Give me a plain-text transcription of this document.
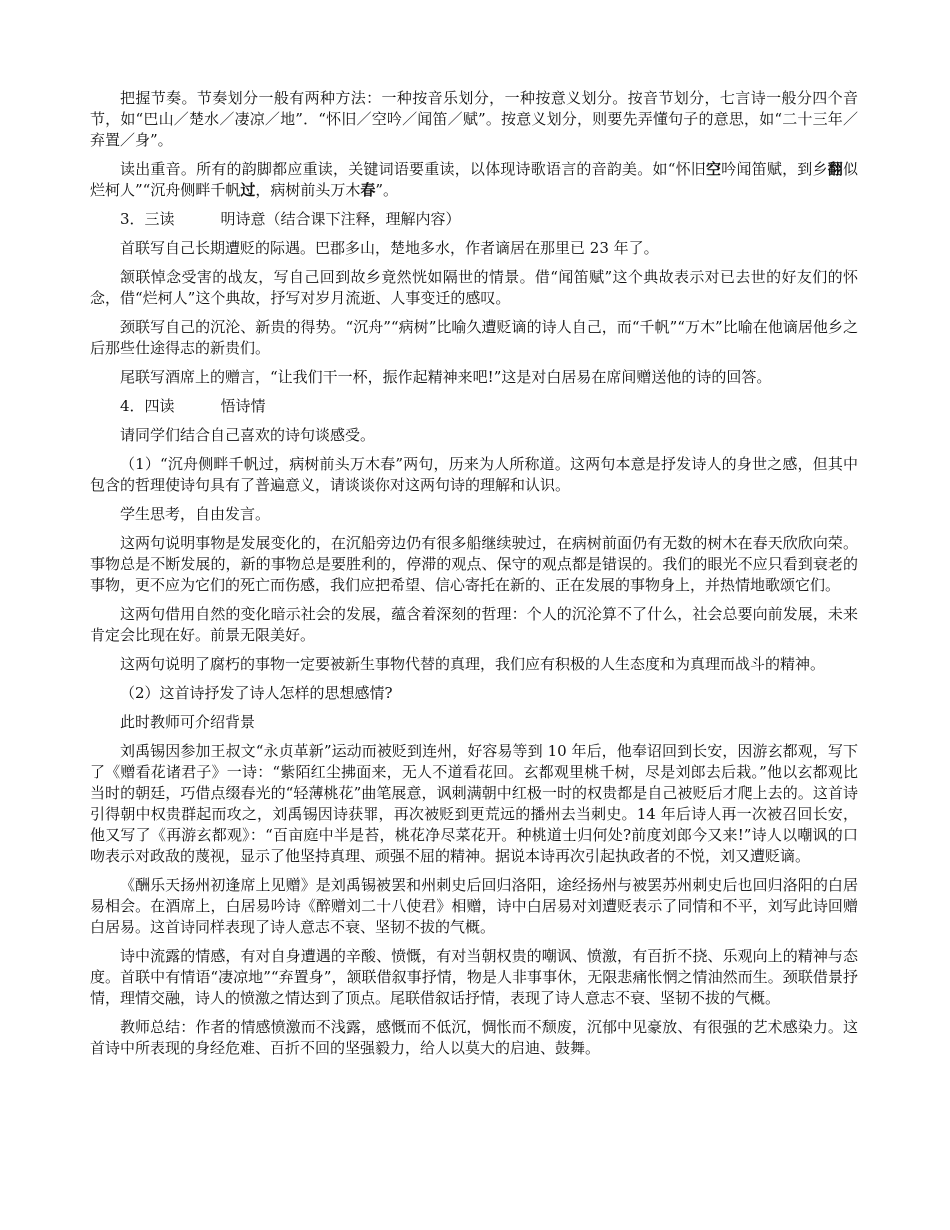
把握节奏。节奏划分一般有两种方法：一种按音乐划分，一种按意义划分。按音节划分，七言诗一般分四个音节，如“巴山／楚水／凄凉／地”．“怀旧／空吟／闻笛／赋”。按意义划分，则要先弄懂句子的意思，如“二十三年／弃置／身”。

读出重音。所有的韵脚都应重读，关键词语要重读，以体现诗歌语言的音韵美。如“怀旧空吟闻笛赋，到乡翻似烂柯人”“沉舟侧畔千帆过，病树前头万木春”。

3．三读	明诗意（结合课下注释，理解内容）

首联写自己长期遭贬的际遇。巴郡多山，楚地多水，作者谪居在那里已 23 年了。

颔联悼念受害的战友，写自己回到故乡竟然恍如隔世的情景。借“闻笛赋”这个典故表示对已去世的好友们的怀念，借“烂柯人”这个典故，抒写对岁月流逝、人事变迁的感叹。

颈联写自己的沉沦、新贵的得势。“沉舟”“病树”比喻久遭贬谪的诗人自己，而“千帆”“万木”比喻在他谪居他乡之后那些仕途得志的新贵们。

尾联写酒席上的赠言，“让我们干一杯，振作起精神来吧!”这是对白居易在席间赠送他的诗的回答。

4．四读	悟诗情

请同学们结合自己喜欢的诗句谈感受。

（1）“沉舟侧畔千帆过，病树前头万木春”两句，历来为人所称道。这两句本意是抒发诗人的身世之感，但其中包含的哲理使诗句具有了普遍意义，请谈谈你对这两句诗的理解和认识。

学生思考，自由发言。

这两句说明事物是发展变化的，在沉船旁边仍有很多船继续驶过，在病树前面仍有无数的树木在春天欣欣向荣。事物总是不断发展的，新的事物总是要胜利的，停滞的观点、保守的观点都是错误的。我们的眼光不应只看到衰老的事物，更不应为它们的死亡而伤感，我们应把希望、信心寄托在新的、正在发展的事物身上，并热情地歌颂它们。

这两句借用自然的变化暗示社会的发展，蕴含着深刻的哲理：个人的沉沦算不了什么，社会总要向前发展，未来肯定会比现在好。前景无限美好。

这两句说明了腐朽的事物一定要被新生事物代替的真理，我们应有积极的人生态度和为真理而战斗的精神。

（2）这首诗抒发了诗人怎样的思想感情?

此时教师可介绍背景

刘禹锡因参加王叔文“永贞革新”运动而被贬到连州，好容易等到 10 年后，他奉诏回到长安，因游玄都观，写下了《赠看花诸君子》一诗：“紫陌红尘拂面来，无人不道看花回。玄都观里桃千树，尽是刘郎去后栽。”他以玄都观比当时的朝廷，巧借点缀春光的“轻薄桃花”曲笔展意，讽刺满朝中红极一时的权贵都是自己被贬后才爬上去的。这首诗引得朝中权贵群起而攻之，刘禹锡因诗获罪，再次被贬到更荒远的播州去当刺史。14 年后诗人再一次被召回长安，他又写了《再游玄都观》：“百亩庭中半是苔，桃花净尽菜花开。种桃道士归何处?前度刘郎今又来!”诗人以嘲讽的口吻表示对政敌的蔑视，显示了他坚持真理、顽强不屈的精神。据说本诗再次引起执政者的不悦，刘又遭贬谪。

《酬乐天扬州初逢席上见赠》是刘禹锡被罢和州刺史后回归洛阳，途经扬州与被罢苏州刺史后也回归洛阳的白居易相会。在酒席上，白居易吟诗《醉赠刘二十八使君》相赠，诗中白居易对刘遭贬表示了同情和不平，刘写此诗回赠白居易。这首诗同样表现了诗人意志不衰、坚韧不拔的气概。

诗中流露的情感，有对自身遭遇的辛酸、愤慨，有对当朝权贵的嘲讽、愤激，有百折不挠、乐观向上的精神与态度。首联中有情语“凄凉地”“弃置身”，颔联借叙事抒情，物是人非事事休，无限悲痛怅惘之情油然而生。颈联借景抒情，理情交融，诗人的愤激之情达到了顶点。尾联借叙话抒情，表现了诗人意志不衰、坚韧不拔的气概。

教师总结：作者的情感愤激而不浅露，感慨而不低沉，惆怅而不颓废，沉郁中见豪放、有很强的艺术感染力。这首诗中所表现的身经危难、百折不回的坚强毅力，给人以莫大的启迪、鼓舞。
